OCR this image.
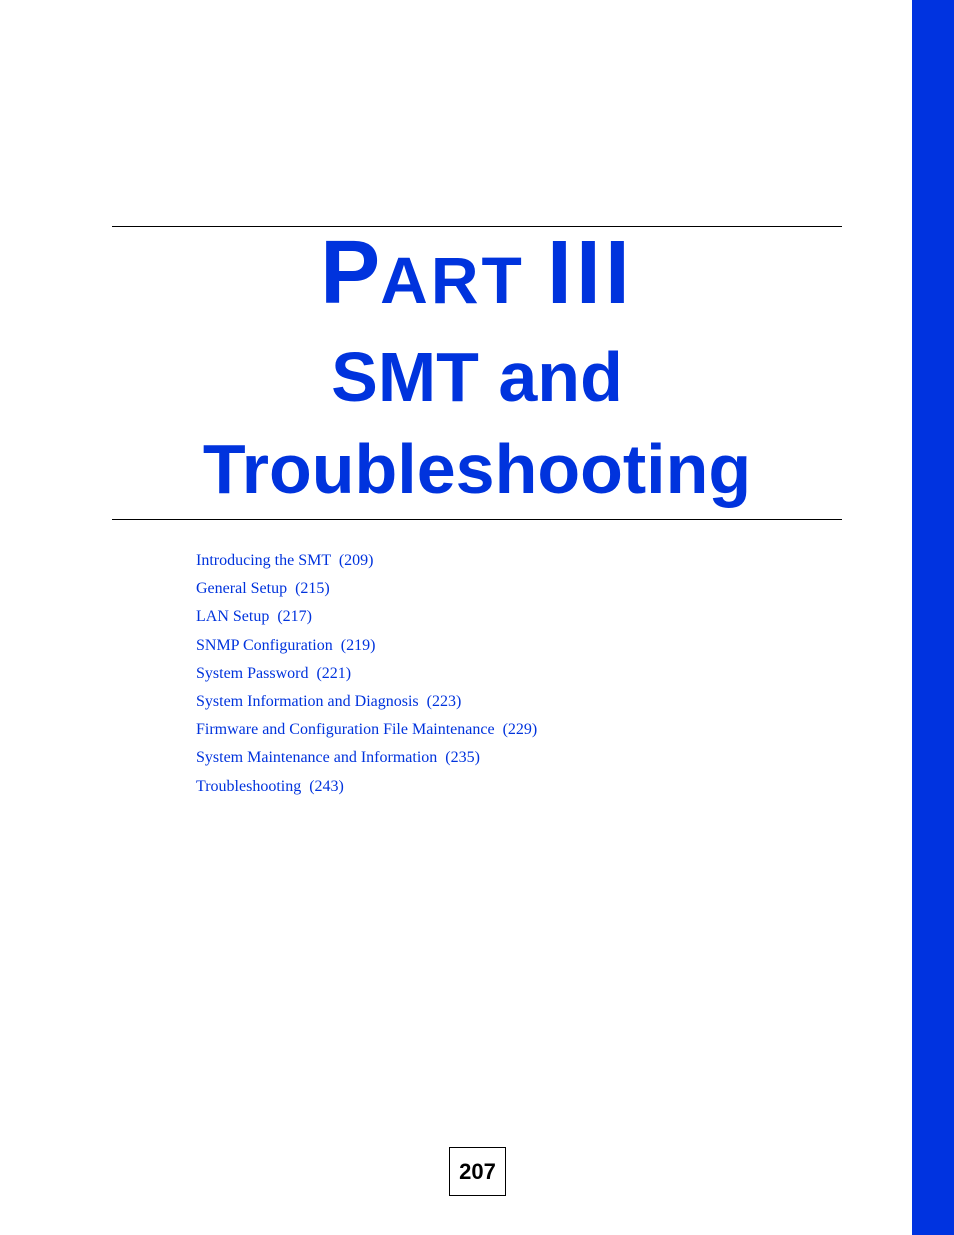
PART  III
SMT and
Troubleshooting
Introducing the SMT (209)
General Setup (215)
LAN Setup (217)
SNMP Configuration (219)
System Password (221)
System Information and Diagnosis (223)
Firmware and Configuration File Maintenance (229)
System Maintenance and Information (235)
Troubleshooting (243)
207
